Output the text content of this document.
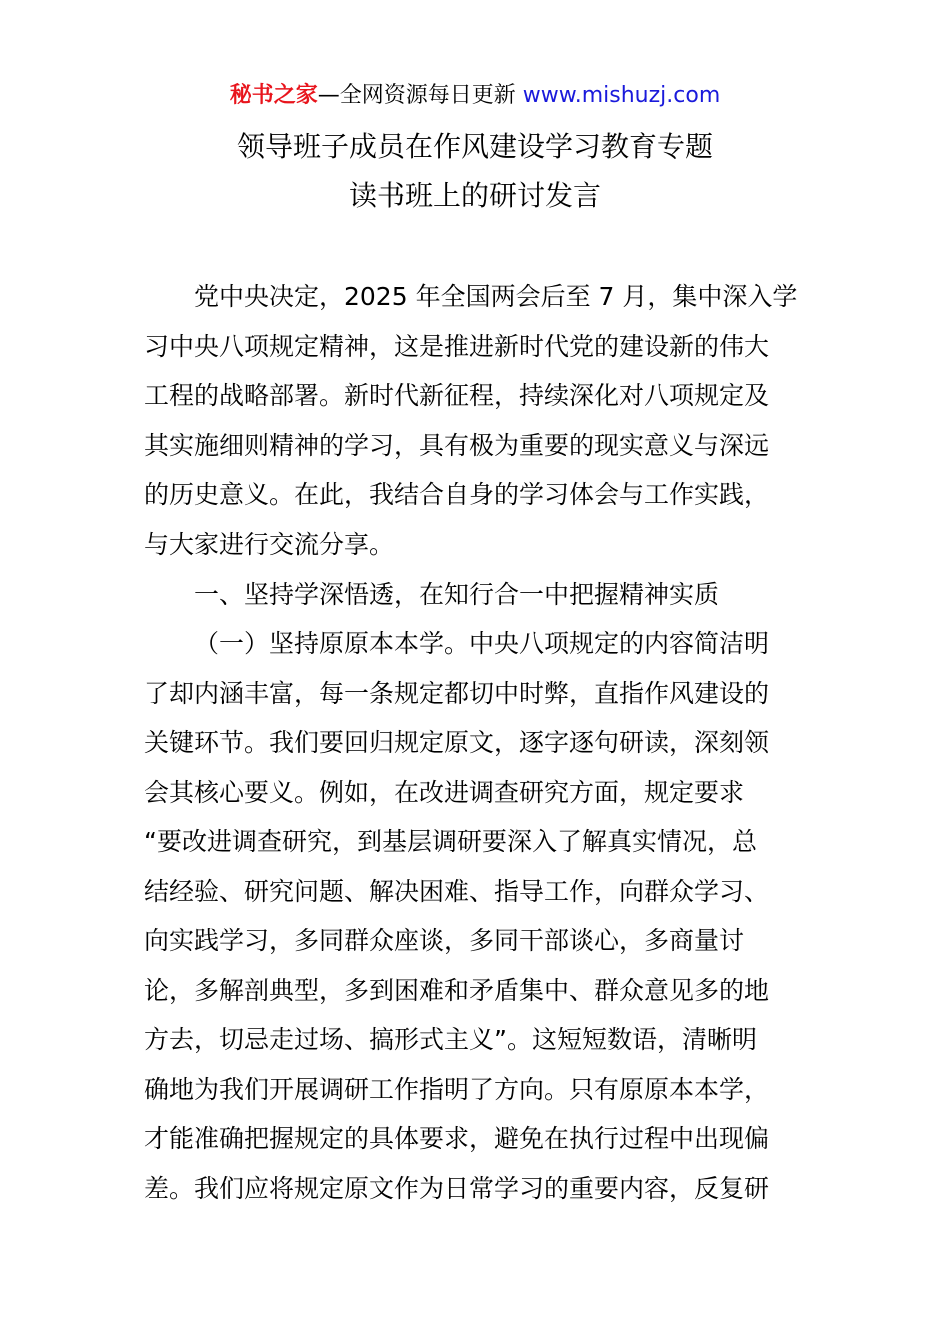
秘书之家—全网资源每日更新 www.mishuzj.com
领导班子成员在作风建设学习教育专题
读书班上的研讨发言
党中央决定，2025 年全国两会后至 7 月，集中深入学
习中央八项规定精神，这是推进新时代党的建设新的伟大
工程的战略部署。新时代新征程，持续深化对八项规定及
其实施细则精神的学习，具有极为重要的现实意义与深远
的历史意义。在此，我结合自身的学习体会与工作实践，
与大家进行交流分享。
一、坚持学深悟透，在知行合一中把握精神实质
（一）坚持原原本本学。中央八项规定的内容简洁明
了却内涵丰富，每一条规定都切中时弊，直指作风建设的
关键环节。我们要回归规定原文，逐字逐句研读，深刻领
会其核心要义。例如，在改进调查研究方面，规定要求
“要改进调查研究，到基层调研要深入了解真实情况，总
结经验、研究问题、解决困难、指导工作，向群众学习、
向实践学习，多同群众座谈，多同干部谈心，多商量讨
论，多解剖典型，多到困难和矛盾集中、群众意见多的地
方去，切忌走过场、搞形式主义”。这短短数语，清晰明
确地为我们开展调研工作指明了方向。只有原原本本学，
才能准确把握规定的具体要求，避免在执行过程中出现偏
差。我们应将规定原文作为日常学习的重要内容，反复研
